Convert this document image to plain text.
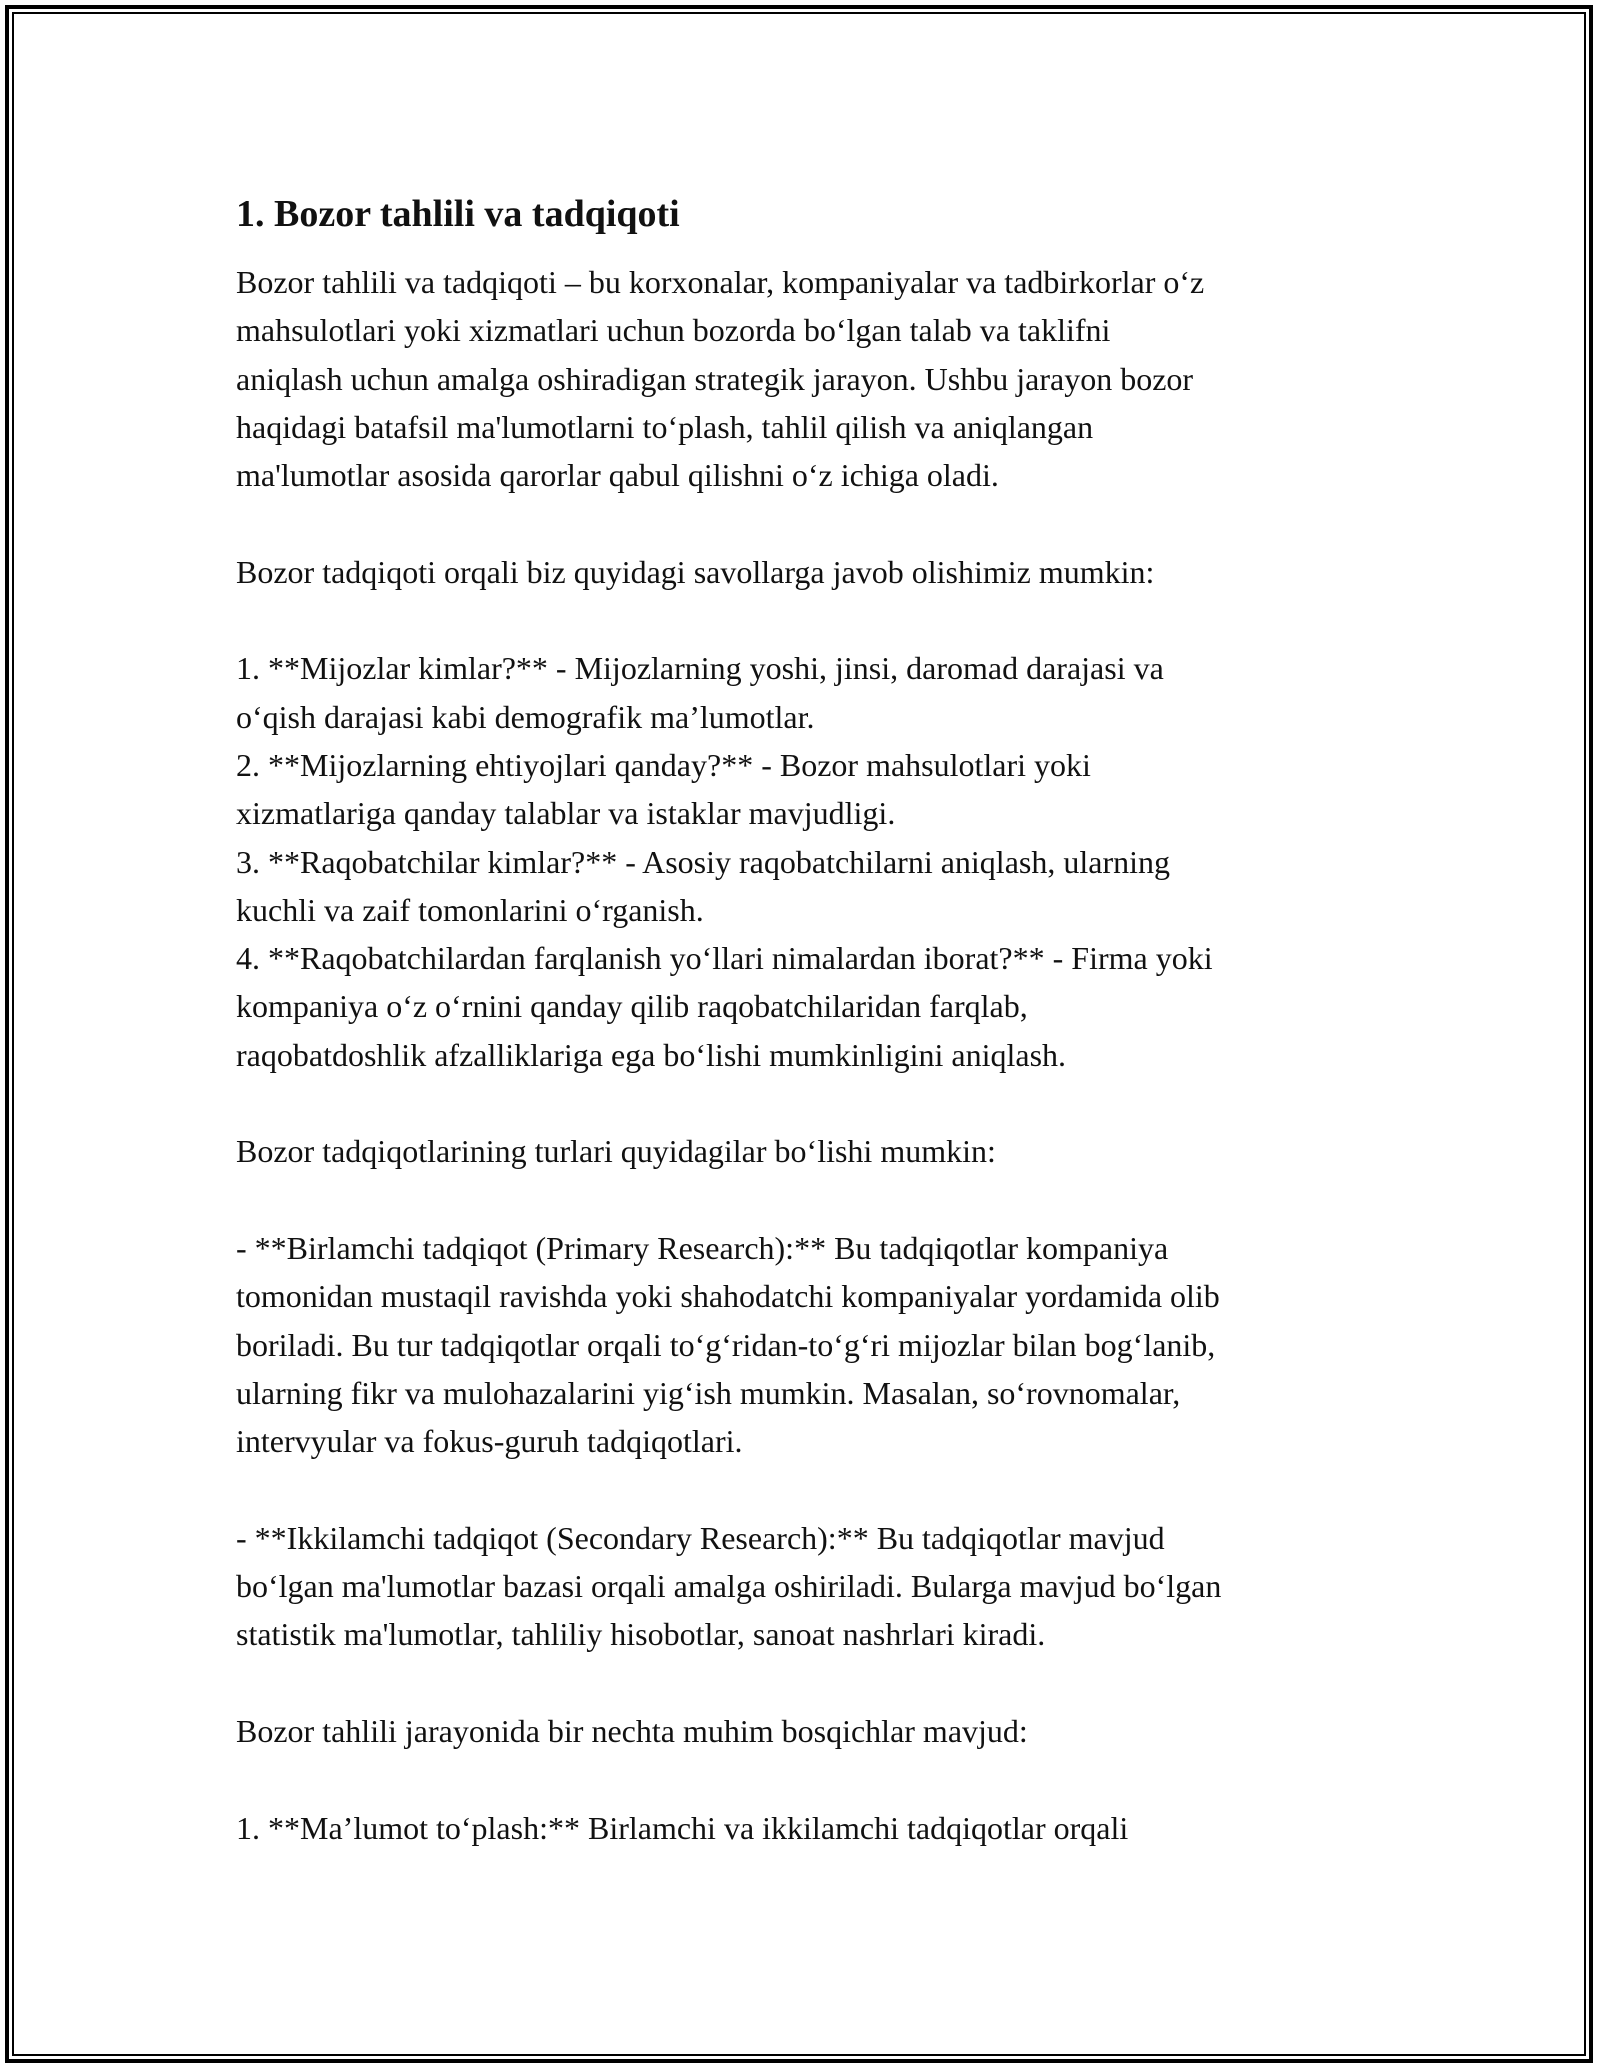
1. Bozor tahlili va tadqiqoti
Bozor tahlili va tadqiqoti – bu korxonalar, kompaniyalar va tadbirkorlar o‘z
mahsulotlari yoki xizmatlari uchun bozorda bo‘lgan talab va taklifni
aniqlash uchun amalga oshiradigan strategik jarayon. Ushbu jarayon bozor
haqidagi batafsil ma'lumotlarni to‘plash, tahlil qilish va aniqlangan
ma'lumotlar asosida qarorlar qabul qilishni o‘z ichiga oladi.
Bozor tadqiqoti orqali biz quyidagi savollarga javob olishimiz mumkin:
1. **Mijozlar kimlar?** - Mijozlarning yoshi, jinsi, daromad darajasi va
o‘qish darajasi kabi demografik ma’lumotlar.
2. **Mijozlarning ehtiyojlari qanday?** - Bozor mahsulotlari yoki
xizmatlariga qanday talablar va istaklar mavjudligi.
3. **Raqobatchilar kimlar?** - Asosiy raqobatchilarni aniqlash, ularning
kuchli va zaif tomonlarini o‘rganish.
4. **Raqobatchilardan farqlanish yo‘llari nimalardan iborat?** - Firma yoki
kompaniya o‘z o‘rnini qanday qilib raqobatchilaridan farqlab,
raqobatdoshlik afzalliklariga ega bo‘lishi mumkinligini aniqlash.
Bozor tadqiqotlarining turlari quyidagilar bo‘lishi mumkin:
- **Birlamchi tadqiqot (Primary Research):** Bu tadqiqotlar kompaniya
tomonidan mustaqil ravishda yoki shahodatchi kompaniyalar yordamida olib
boriladi. Bu tur tadqiqotlar orqali to‘g‘ridan-to‘g‘ri mijozlar bilan bog‘lanib,
ularning fikr va mulohazalarini yig‘ish mumkin. Masalan, so‘rovnomalar,
intervyular va fokus-guruh tadqiqotlari.
- **Ikkilamchi tadqiqot (Secondary Research):** Bu tadqiqotlar mavjud
bo‘lgan ma'lumotlar bazasi orqali amalga oshiriladi. Bularga mavjud bo‘lgan
statistik ma'lumotlar, tahliliy hisobotlar, sanoat nashrlari kiradi.
Bozor tahlili jarayonida bir nechta muhim bosqichlar mavjud:
1. **Ma’lumot to‘plash:** Birlamchi va ikkilamchi tadqiqotlar orqali
